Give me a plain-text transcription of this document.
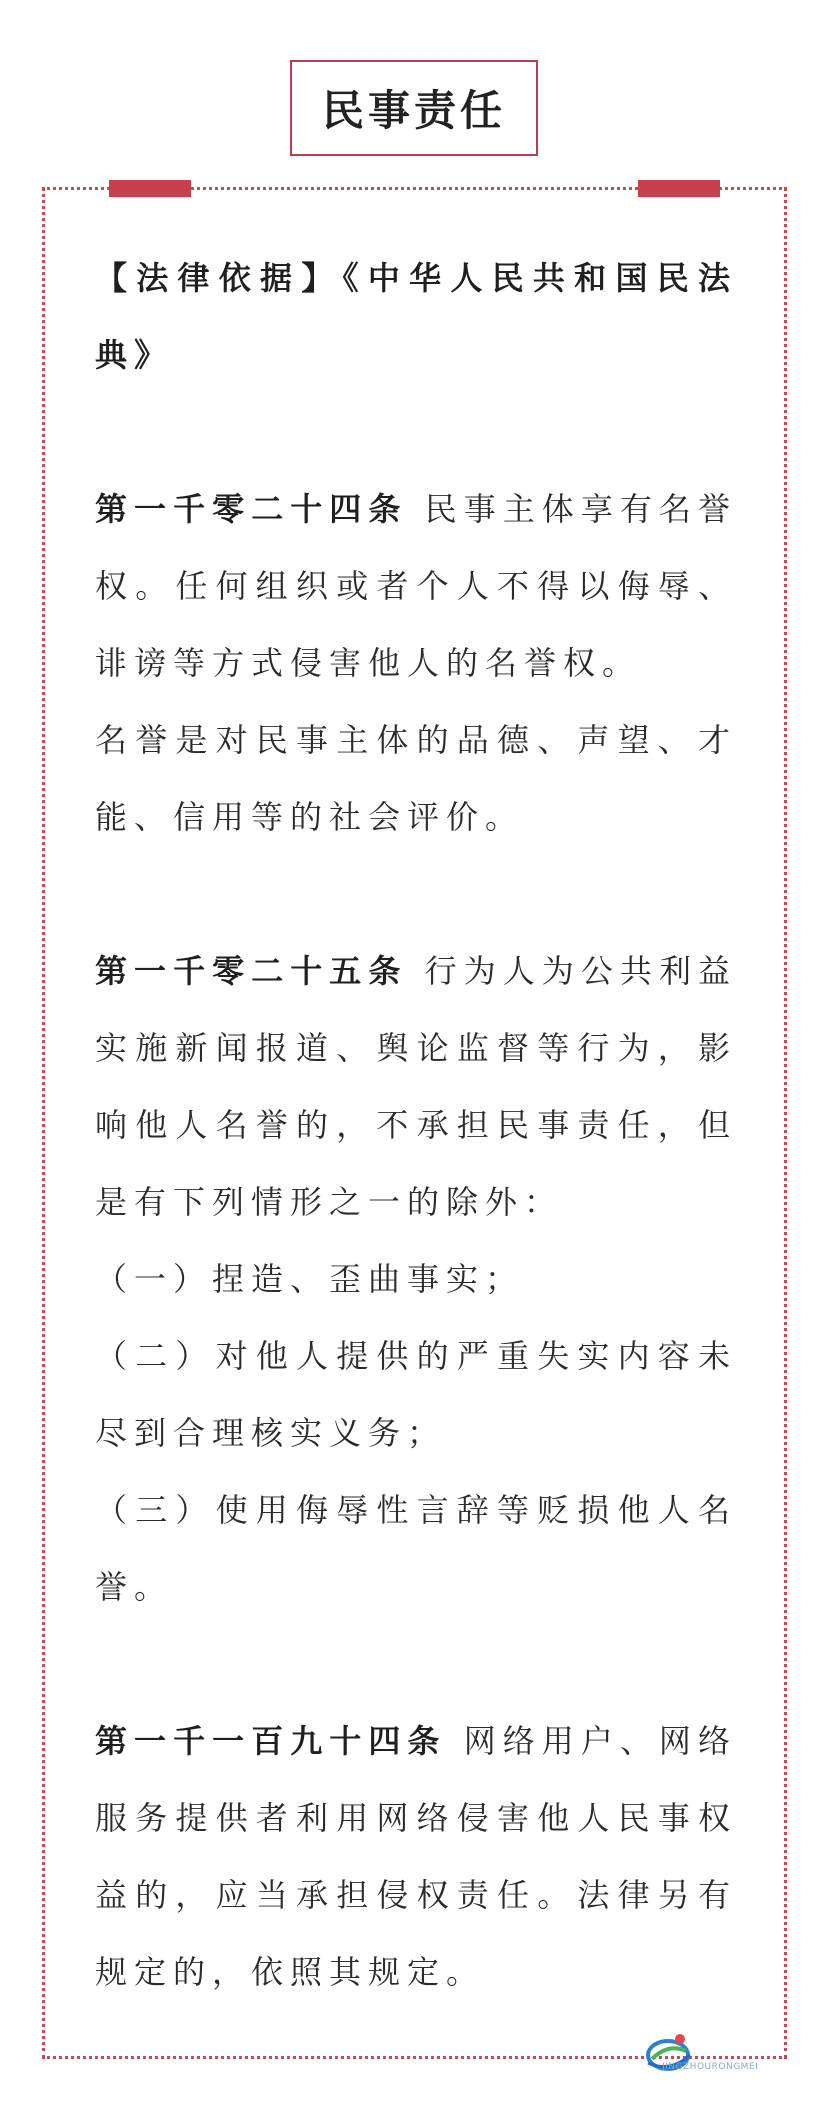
民事责任

【法律依据】《中华人民共和国民法典》

第一千零二十四条 民事主体享有名誉权。任何组织或者个人不得以侮辱、诽谤等方式侵害他人的名誉权。

名誉是对民事主体的品德、声望、才能、信用等的社会评价。

第一千零二十五条 行为人为公共利益实施新闻报道、舆论监督等行为，影响他人名誉的，不承担民事责任，但是有下列情形之一的除外：

（一）捏造、歪曲事实；

（二）对他人提供的严重失实内容未尽到合理核实义务；

（三）使用侮辱性言辞等贬损他人名誉。

第一千一百九十四条 网络用户、网络服务提供者利用网络侵害他人民事权益的，应当承担侵权责任。法律另有规定的，依照其规定。

JINGZHOURONGMEI
